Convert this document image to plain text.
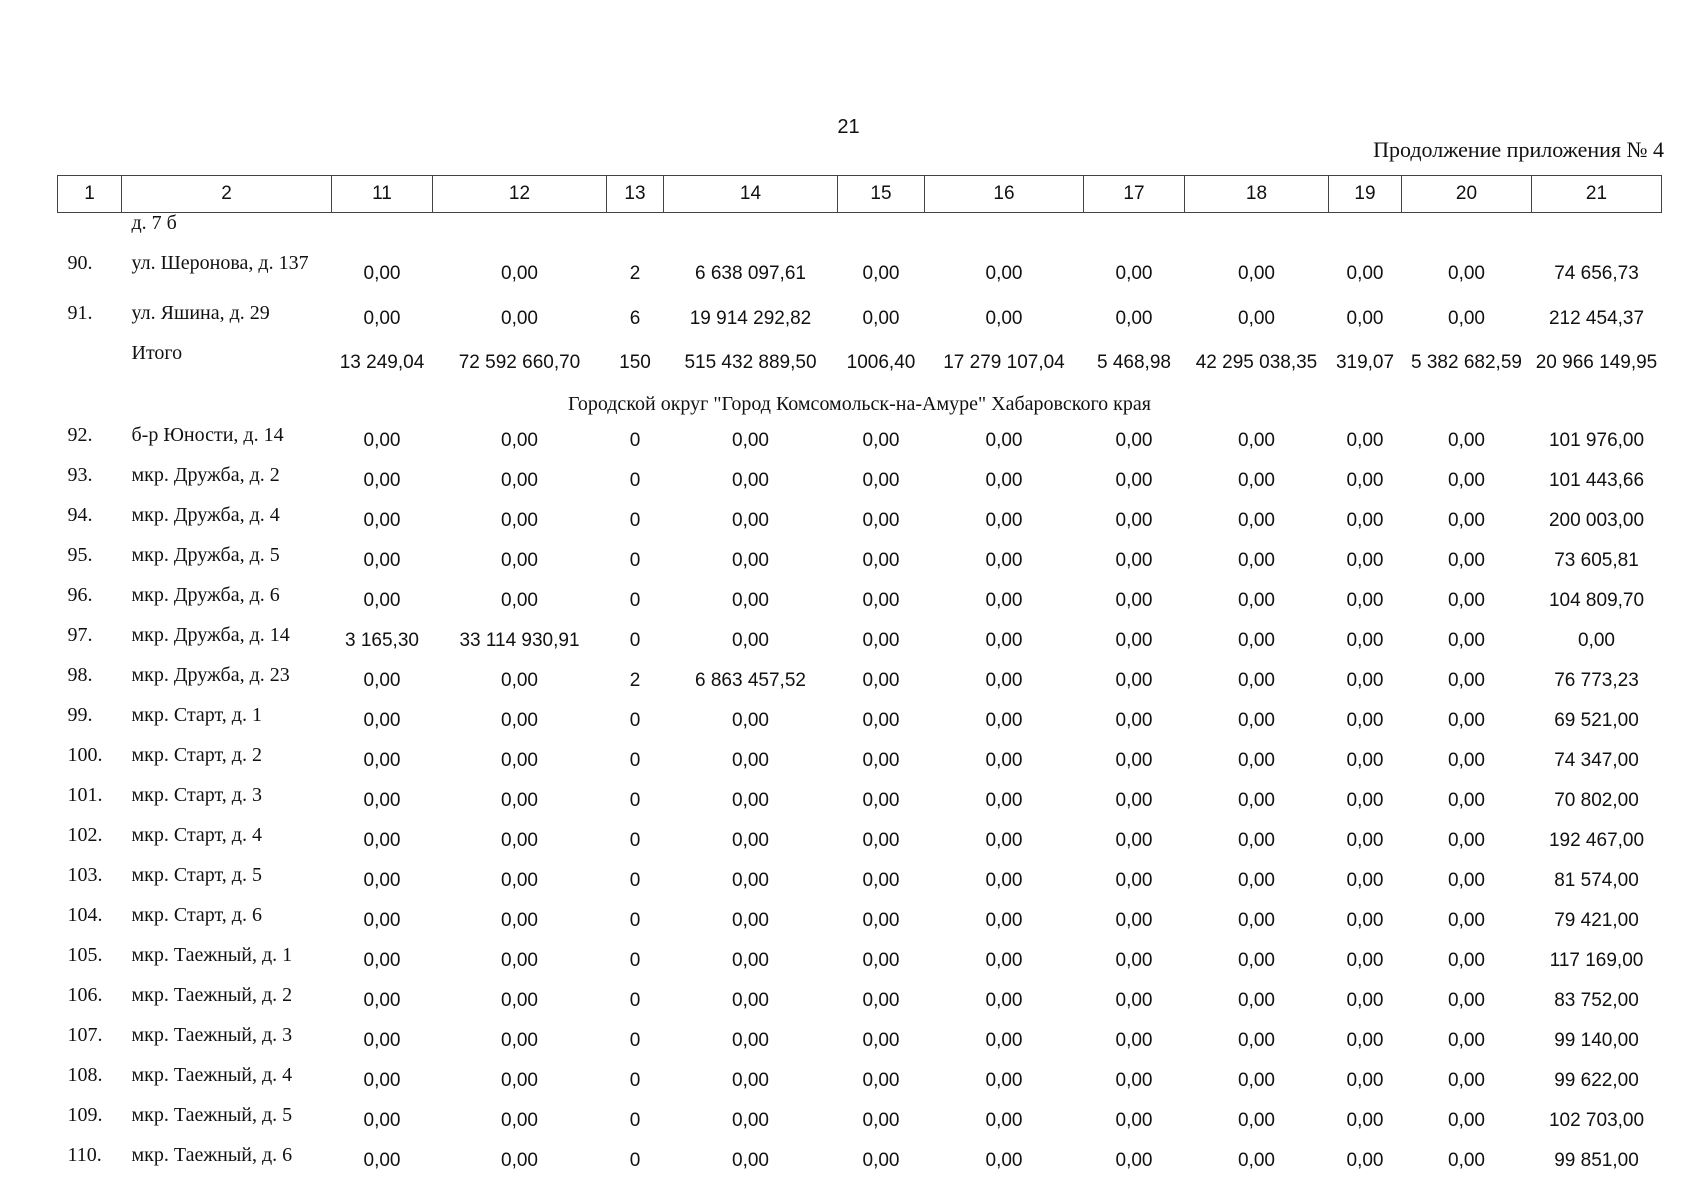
21
Продолжение приложения № 4
1	2	11	12	13	14	15	16	17	18	19	20	21
	д. 7 б											
90.	ул. Шеронова, д. 137	0,00	0,00	2	6 638 097,61	0,00	0,00	0,00	0,00	0,00	0,00	74 656,73
91.	ул. Яшина, д. 29	0,00	0,00	6	19 914 292,82	0,00	0,00	0,00	0,00	0,00	0,00	212 454,37
	Итого	13 249,04	72 592 660,70	150	515 432 889,50	1006,40	17 279 107,04	5 468,98	42 295 038,35	319,07	5 382 682,59	20 966 149,95
Городской округ "Город Комсомольск-на-Амуре" Хабаровского края												
92.	б-р Юности, д. 14	0,00	0,00	0	0,00	0,00	0,00	0,00	0,00	0,00	0,00	101 976,00
93.	мкр. Дружба, д. 2	0,00	0,00	0	0,00	0,00	0,00	0,00	0,00	0,00	0,00	101 443,66
94.	мкр. Дружба, д. 4	0,00	0,00	0	0,00	0,00	0,00	0,00	0,00	0,00	0,00	200 003,00
95.	мкр. Дружба, д. 5	0,00	0,00	0	0,00	0,00	0,00	0,00	0,00	0,00	0,00	73 605,81
96.	мкр. Дружба, д. 6	0,00	0,00	0	0,00	0,00	0,00	0,00	0,00	0,00	0,00	104 809,70
97.	мкр. Дружба, д. 14	3 165,30	33 114 930,91	0	0,00	0,00	0,00	0,00	0,00	0,00	0,00	0,00
98.	мкр. Дружба, д. 23	0,00	0,00	2	6 863 457,52	0,00	0,00	0,00	0,00	0,00	0,00	76 773,23
99.	мкр. Старт, д. 1	0,00	0,00	0	0,00	0,00	0,00	0,00	0,00	0,00	0,00	69 521,00
100.	мкр. Старт, д. 2	0,00	0,00	0	0,00	0,00	0,00	0,00	0,00	0,00	0,00	74 347,00
101.	мкр. Старт, д. 3	0,00	0,00	0	0,00	0,00	0,00	0,00	0,00	0,00	0,00	70 802,00
102.	мкр. Старт, д. 4	0,00	0,00	0	0,00	0,00	0,00	0,00	0,00	0,00	0,00	192 467,00
103.	мкр. Старт, д. 5	0,00	0,00	0	0,00	0,00	0,00	0,00	0,00	0,00	0,00	81 574,00
104.	мкр. Старт, д. 6	0,00	0,00	0	0,00	0,00	0,00	0,00	0,00	0,00	0,00	79 421,00
105.	мкр. Таежный, д. 1	0,00	0,00	0	0,00	0,00	0,00	0,00	0,00	0,00	0,00	117 169,00
106.	мкр. Таежный, д. 2	0,00	0,00	0	0,00	0,00	0,00	0,00	0,00	0,00	0,00	83 752,00
107.	мкр. Таежный, д. 3	0,00	0,00	0	0,00	0,00	0,00	0,00	0,00	0,00	0,00	99 140,00
108.	мкр. Таежный, д. 4	0,00	0,00	0	0,00	0,00	0,00	0,00	0,00	0,00	0,00	99 622,00
109.	мкр. Таежный, д. 5	0,00	0,00	0	0,00	0,00	0,00	0,00	0,00	0,00	0,00	102 703,00
110.	мкр. Таежный, д. 6	0,00	0,00	0	0,00	0,00	0,00	0,00	0,00	0,00	0,00	99 851,00
